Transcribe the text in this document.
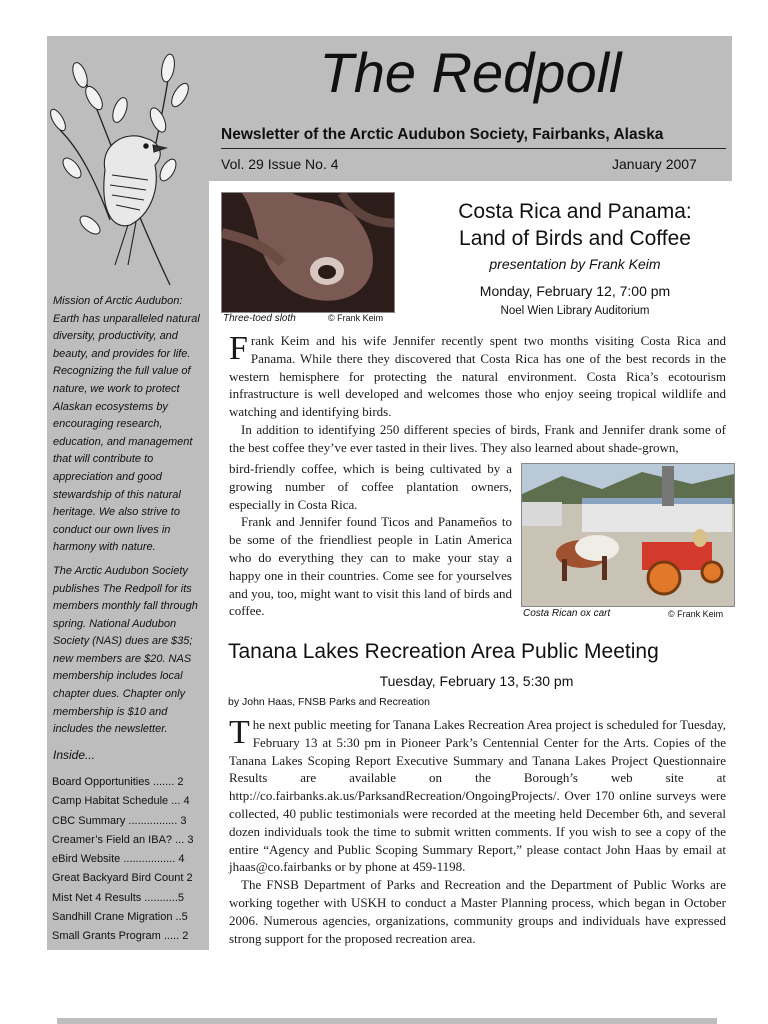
The Redpoll
Newsletter of the Arctic Audubon Society, Fairbanks, Alaska
Vol. 29 Issue No. 4	January 2007

Mission of Arctic Audubon: Earth has unparalleled natural diversity, productivity, and beauty, and provides for life. Recognizing the full value of nature, we work to protect Alaskan ecosystems by encouraging research, education, and management that will contribute to appreciation and good stewardship of this natural heritage. We also strive to conduct our own lives in harmony with nature.

The Arctic Audubon Society publishes The Redpoll for its members monthly fall through spring. National Audubon Society (NAS) dues are $35; new members are $20. NAS membership includes local chapter dues. Chapter only membership is $10 and includes the newsletter.

Inside...
Board Opportunities ....... 2
Camp Habitat Schedule ... 4
CBC Summary ................ 3
Creamer’s Field an IBA? ... 3
eBird Website ................. 4
Great Backyard Bird Count 2
Mist Net 4 Results ...........5
Sandhill Crane Migration ..5
Small Grants Program ..... 2
Three-toed sloth	© Frank Keim
Costa Rica and Panama:
Land of Birds and Coffee
presentation by Frank Keim
Monday, February 12, 7:00 pm
Noel Wien Library Auditorium

Frank Keim and his wife Jennifer recently spent two months visiting Costa Rica and Panama. While there they discovered that Costa Rica has one of the best records in the western hemisphere for protecting the natural environment. Costa Rica’s ecotourism infrastructure is well developed and welcomes those who enjoy seeing tropical wildlife and watching and identifying birds.

In addition to identifying 250 different species of birds, Frank and Jennifer drank some of the best coffee they’ve ever tasted in their lives. They also learned about shade-grown,

bird-friendly coffee, which is being cultivated by a growing number of coffee plantation owners, especially in Costa Rica.

Frank and Jennifer found Ticos and Panameños to be some of the friendliest people in Latin America who do everything they can to make your stay a happy one in their countries. Come see for yourselves and you, too, might want to visit this land of birds and coffee.	Costa Rican ox cart	© Frank Keim
Tanana Lakes Recreation Area Public Meeting
Tuesday, February 13, 5:30 pm
by John Haas, FNSB Parks and Recreation

The next public meeting for Tanana Lakes Recreation Area project is scheduled for Tuesday, February 13 at 5:30 pm in Pioneer Park’s Centennial Center for the Arts. Copies of the Tanana Lakes Scoping Report Executive Summary and Tanana Lakes Project Questionnaire Results are available on the Borough’s web site at http://co.fairbanks.ak.us/ParksandRecreation/OngoingProjects/. Over 170 online surveys were collected, 40 public testimonials were recorded at the meeting held December 6th, and several dozen individuals took the time to submit written comments. If you wish to see a copy of the entire “Agency and Public Scoping Summary Report,” please contact John Haas by email at jhaas@co.fairbanks or by phone at 459-1198.

The FNSB Department of Parks and Recreation and the Department of Public Works are working together with USKH to conduct a Master Planning process, which began in October 2006. Numerous agencies, organizations, community groups and individuals have expressed strong support for the proposed recreation area.
